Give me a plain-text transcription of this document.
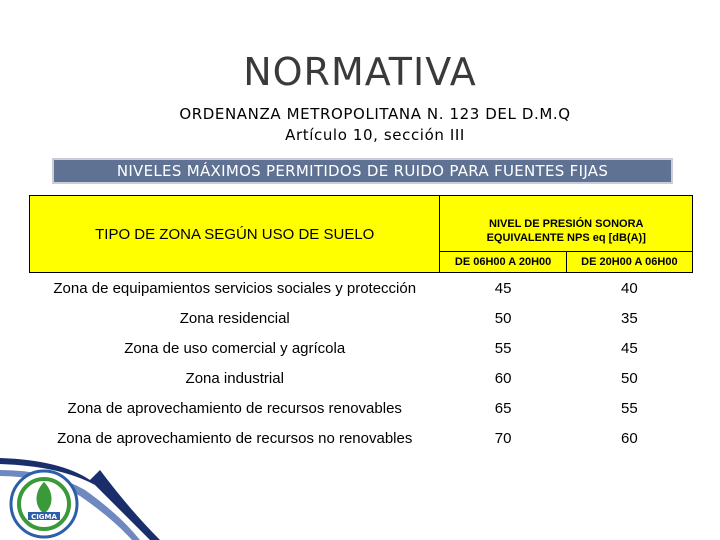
NORMATIVA
ORDENANZA METROPOLITANA N. 123 DEL D.M.Q
Artículo 10, sección III
NIVELES MÁXIMOS PERMITIDOS DE RUIDO PARA FUENTES FIJAS
TIPO DE ZONA SEGÚN USO DE SUELO	NIVEL DE PRESIÓN SONORA	
	EQUIVALENTE NPS eq [dB(A)]	
	DE 06H00 A 20H00	DE 20H00 A 06H00
Zona de equipamientos servicios sociales y protección	45	40
Zona residencial	50	35
Zona de uso comercial y agrícola	55	45
Zona industrial	60	50
Zona de aprovechamiento de recursos renovables	65	55
Zona de aprovechamiento de recursos no renovables	70	60
CIGMA
